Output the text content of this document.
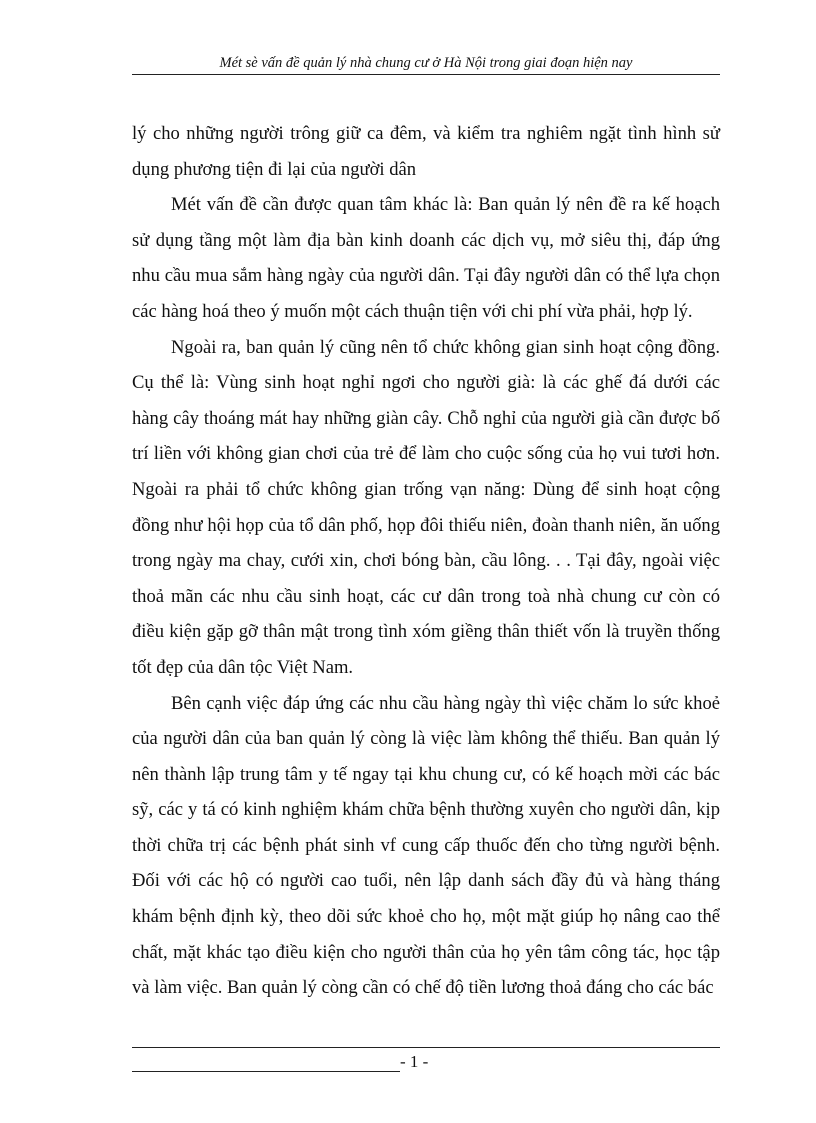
Mét sè vấn đề quản lý nhà chung cư ở Hà Nội trong giai đoạn hiện nay

lý cho những người trông giữ ca đêm, và kiểm tra nghiêm ngặt tình hình sử dụng phương tiện đi lại của người dân

Mét vấn đề cần được quan tâm khác là: Ban quản lý nên đề ra kế hoạch sử dụng tầng một làm địa bàn kinh doanh các dịch vụ, mở siêu thị, đáp ứng nhu cầu mua sắm hàng ngày của người dân. Tại đây người dân có thể lựa chọn các hàng hoá theo ý muốn một cách thuận tiện với chi phí vừa phải, hợp lý.

Ngoài ra, ban quản lý cũng nên tổ chức không gian sinh hoạt cộng đồng. Cụ thể là: Vùng sinh hoạt nghỉ ngơi cho người già: là các ghế đá dưới các hàng cây thoáng mát hay những giàn cây. Chỗ nghỉ của người già cần được bố trí liền với không gian chơi của trẻ để làm cho cuộc sống của họ vui tươi hơn. Ngoài ra phải tổ chức không gian trống vạn năng: Dùng để sinh hoạt cộng đồng như hội họp của tổ dân phố, họp đôi thiếu niên, đoàn thanh niên, ăn uống trong ngày ma chay, cưới xin, chơi bóng bàn, cầu lông. . . Tại đây, ngoài việc thoả mãn các nhu cầu sinh hoạt, các cư dân trong toà nhà chung cư còn có điều kiện gặp gỡ thân mật trong tình xóm giềng thân thiết vốn là truyền thống tốt đẹp của dân tộc Việt Nam.

Bên cạnh việc đáp ứng các nhu cầu hàng ngày thì việc chăm lo sức khoẻ của người dân của ban quản lý còng là việc làm không thể thiếu. Ban quản lý nên thành lập trung tâm y tế ngay tại khu chung cư, có kế hoạch mời các bác sỹ, các y tá có kinh nghiệm khám chữa bệnh thường xuyên cho người dân, kịp thời chữa trị các bệnh phát sinh vf cung cấp thuốc đến cho từng người bệnh. Đối với các hộ có người cao tuổi, nên lập danh sách đầy đủ và hàng tháng khám bệnh định kỳ, theo dõi sức khoẻ cho họ, một mặt giúp họ nâng cao thể chất, mặt khác tạo điều kiện cho người thân của họ yên tâm công tác, học tập và làm việc. Ban quản lý còng cần có chế độ tiền lương thoả đáng cho các bác

- 1 -
